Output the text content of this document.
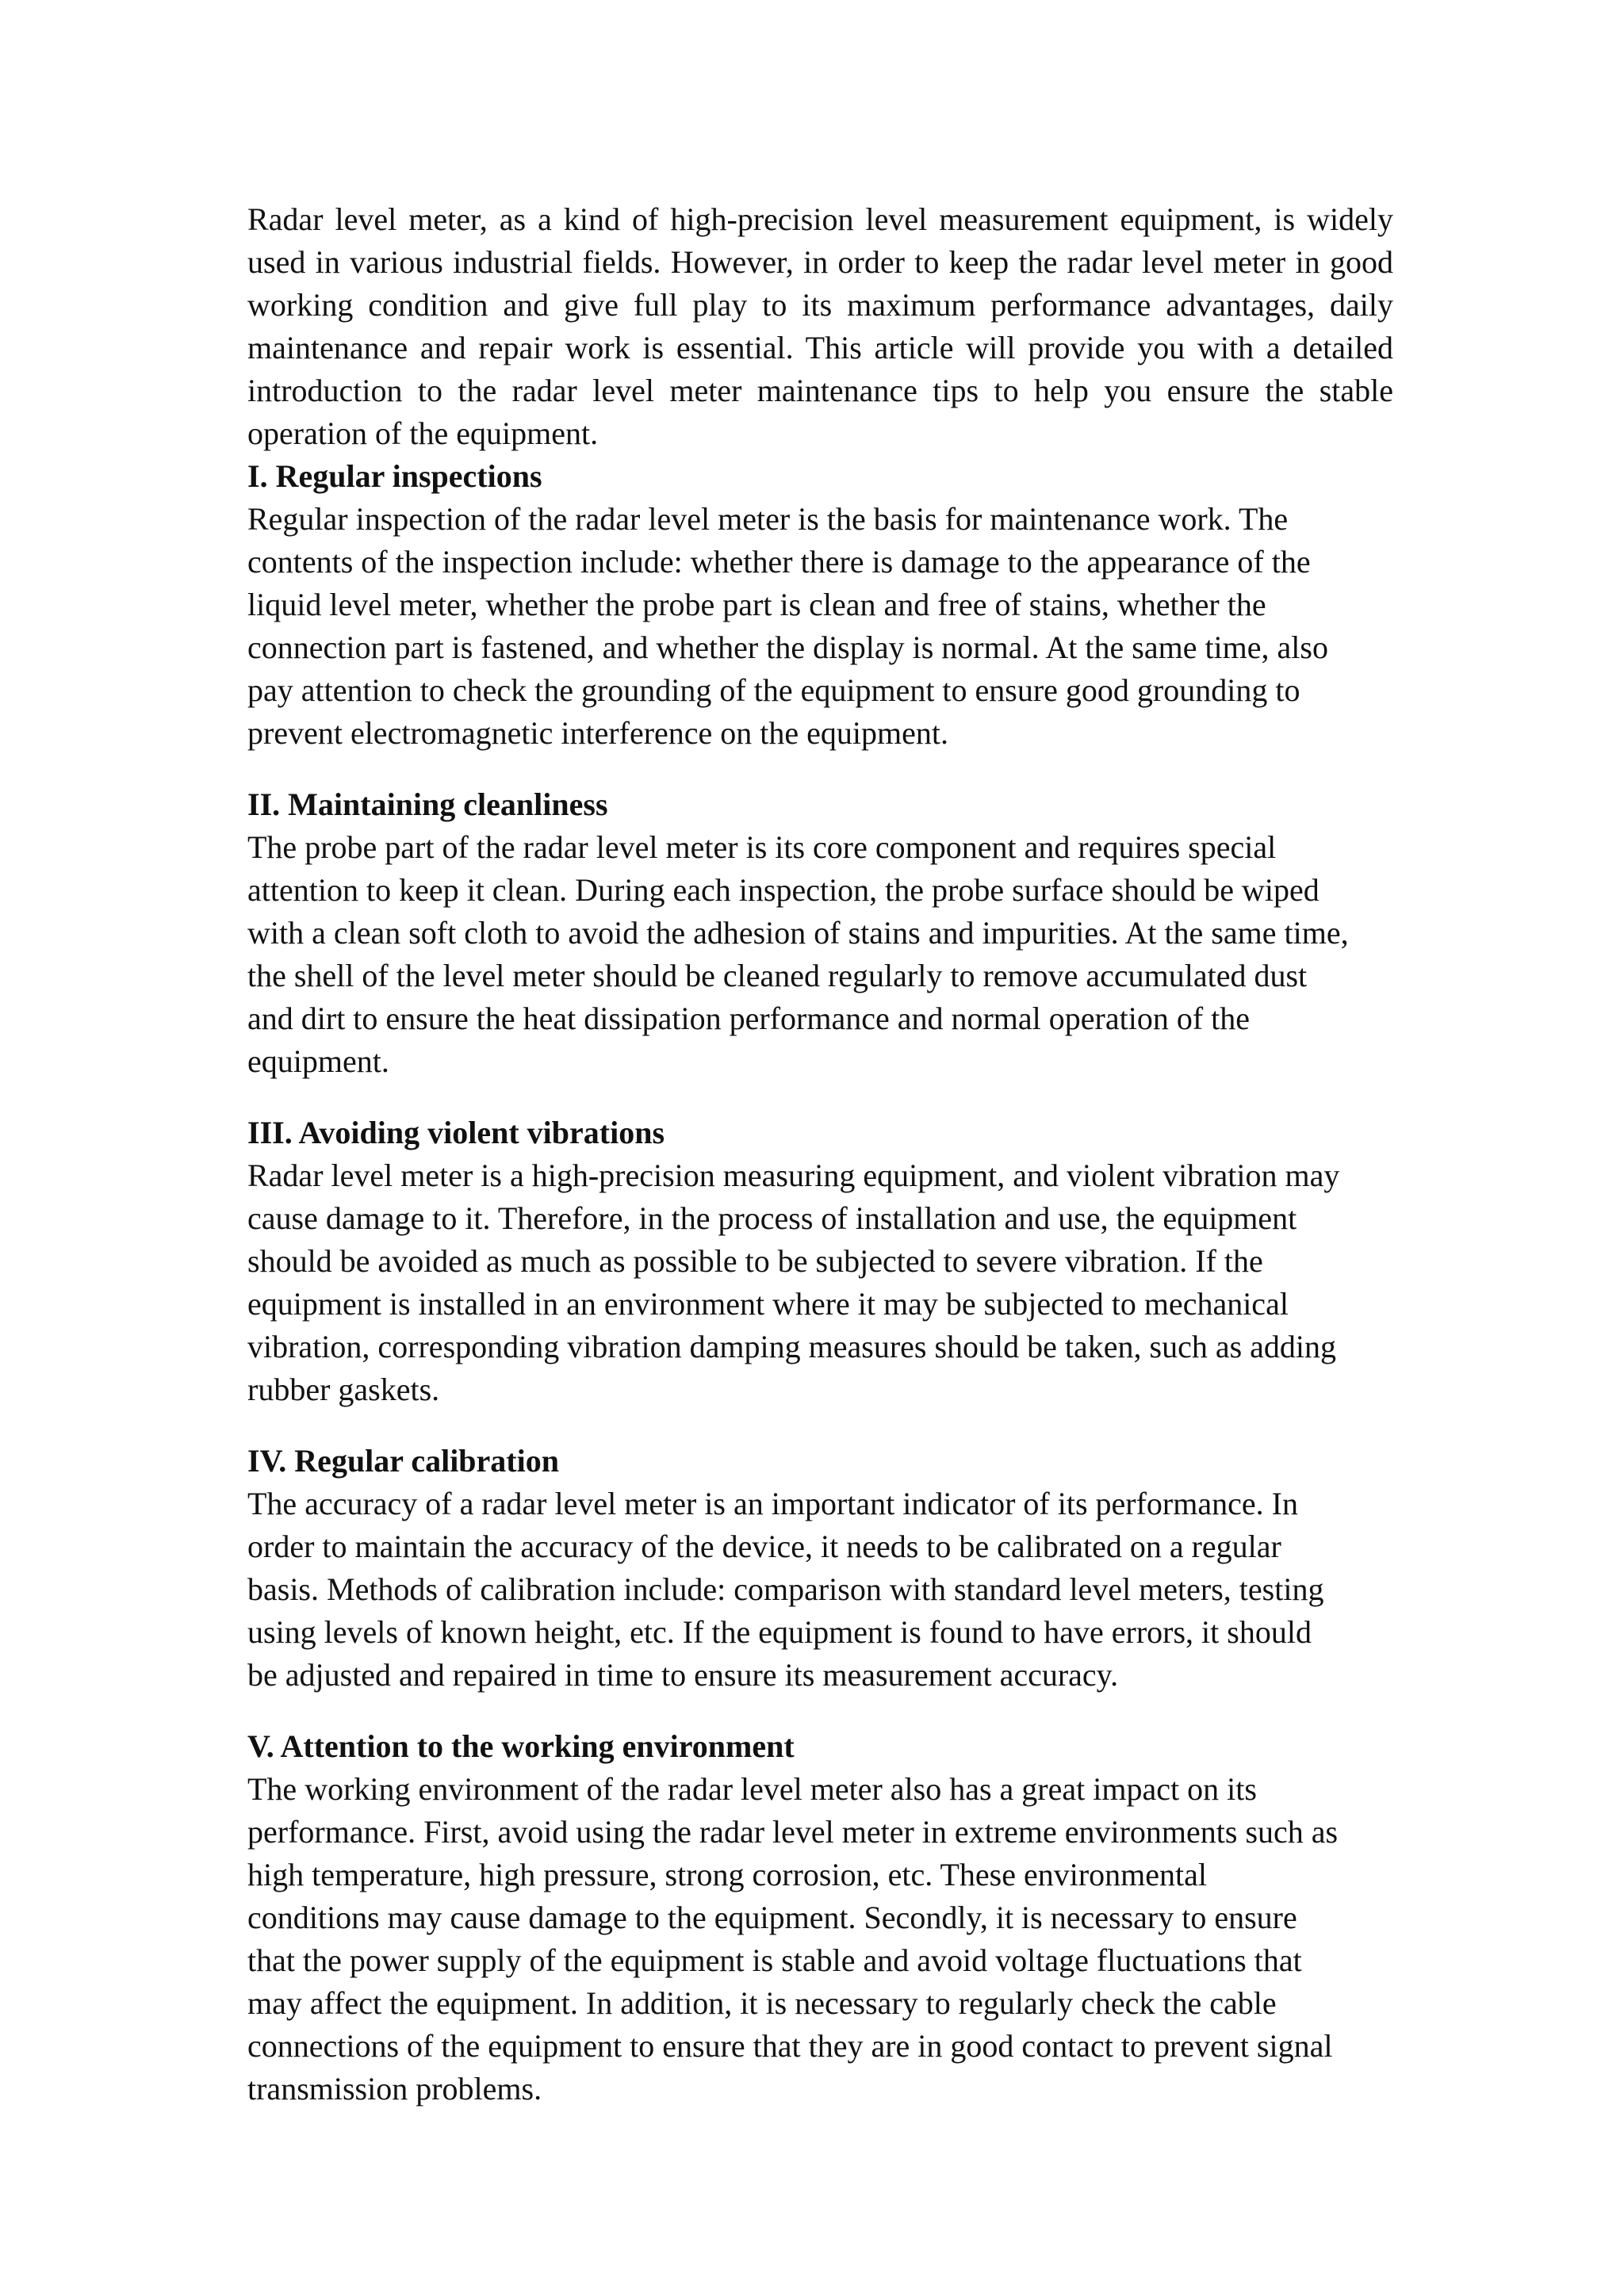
Radar level meter, as a kind of high-precision level measurement equipment, is widely
used in various industrial fields. However, in order to keep the radar level meter in good
working condition and give full play to its maximum performance advantages, daily
maintenance and repair work is essential. This article will provide you with a detailed
introduction to the radar level meter maintenance tips to help you ensure the stable
operation of the equipment.
I. Regular inspections
Regular inspection of the radar level meter is the basis for maintenance work. The
contents of the inspection include: whether there is damage to the appearance of the
liquid level meter, whether the probe part is clean and free of stains, whether the
connection part is fastened, and whether the display is normal. At the same time, also
pay attention to check the grounding of the equipment to ensure good grounding to
prevent electromagnetic interference on the equipment.
II. Maintaining cleanliness
The probe part of the radar level meter is its core component and requires special
attention to keep it clean. During each inspection, the probe surface should be wiped
with a clean soft cloth to avoid the adhesion of stains and impurities. At the same time,
the shell of the level meter should be cleaned regularly to remove accumulated dust
and dirt to ensure the heat dissipation performance and normal operation of the
equipment.
III. Avoiding violent vibrations
Radar level meter is a high-precision measuring equipment, and violent vibration may
cause damage to it. Therefore, in the process of installation and use, the equipment
should be avoided as much as possible to be subjected to severe vibration. If the
equipment is installed in an environment where it may be subjected to mechanical
vibration, corresponding vibration damping measures should be taken, such as adding
rubber gaskets.
IV. Regular calibration
The accuracy of a radar level meter is an important indicator of its performance. In
order to maintain the accuracy of the device, it needs to be calibrated on a regular
basis. Methods of calibration include: comparison with standard level meters, testing
using levels of known height, etc. If the equipment is found to have errors, it should
be adjusted and repaired in time to ensure its measurement accuracy.
V. Attention to the working environment
The working environment of the radar level meter also has a great impact on its
performance. First, avoid using the radar level meter in extreme environments such as
high temperature, high pressure, strong corrosion, etc. These environmental
conditions may cause damage to the equipment. Secondly, it is necessary to ensure
that the power supply of the equipment is stable and avoid voltage fluctuations that
may affect the equipment. In addition, it is necessary to regularly check the cable
connections of the equipment to ensure that they are in good contact to prevent signal
transmission problems.
